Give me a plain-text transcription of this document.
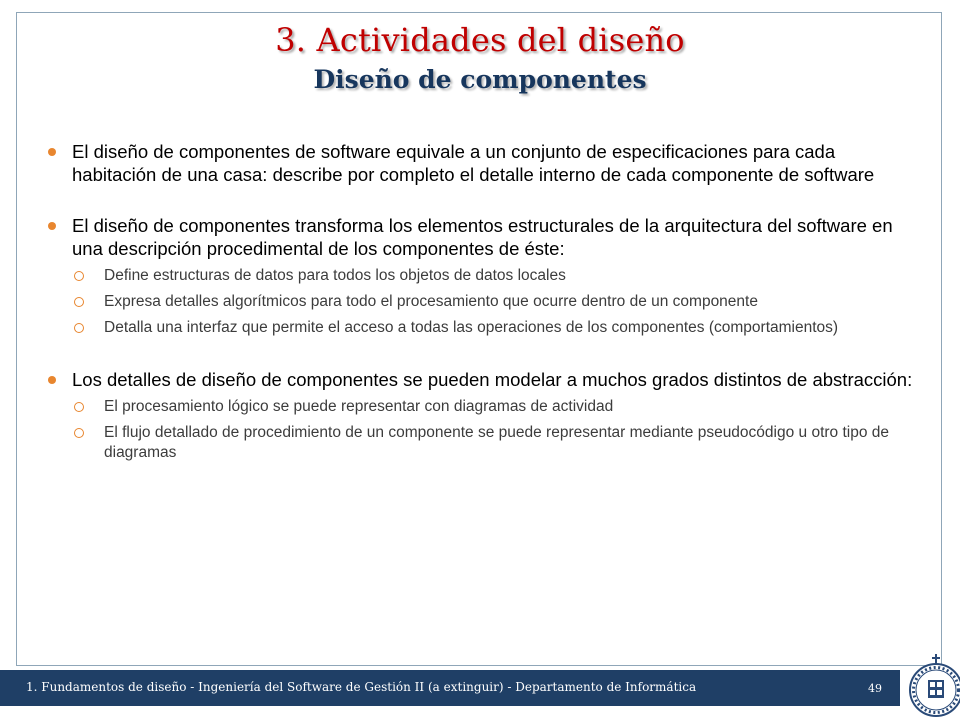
3. Actividades del diseño
Diseño de componentes
El diseño de componentes de software equivale a un conjunto de especificaciones para cada habitación de una casa: describe por completo el detalle interno de cada componente de software
El diseño de componentes transforma los elementos estructurales de la arquitectura del software en una descripción procedimental de los componentes de éste:
Define estructuras de datos para todos los objetos de datos locales
Expresa detalles algorítmicos para todo el procesamiento que ocurre dentro de un componente
Detalla una interfaz que permite el acceso a todas las operaciones de los componentes (comportamientos)
Los detalles de diseño de componentes se pueden modelar a muchos grados distintos de abstracción:
El procesamiento lógico se puede representar con diagramas de actividad
El flujo detallado de procedimiento de un componente se puede representar mediante pseudocódigo u otro tipo de diagramas
1. Fundamentos de diseño - Ingeniería del Software de Gestión II (a extinguir) - Departamento de Informática	49
